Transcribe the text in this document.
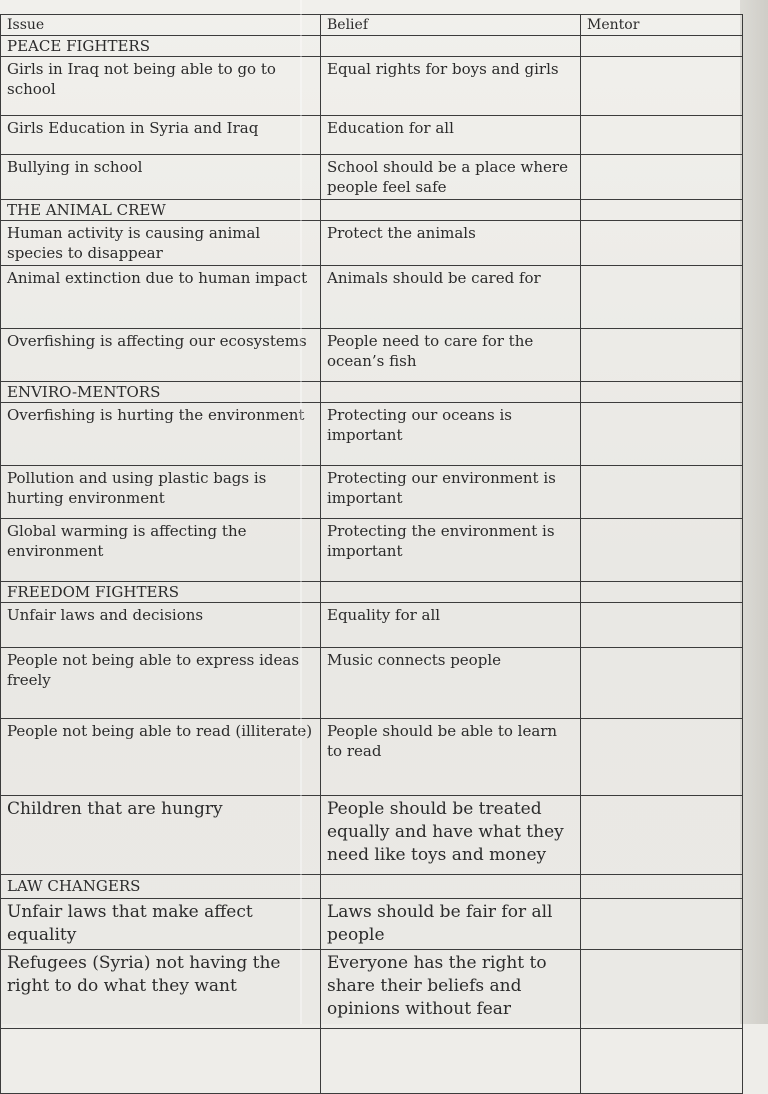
Issue	Belief	Mentor
PEACE FIGHTERS		
Girls in Iraq not being able to go to school	Equal rights for boys and girls	
Girls Education in Syria and Iraq	Education for all	
Bullying in school	School should be a place where people feel safe	
THE ANIMAL CREW		
Human activity is causing animal species to disappear	Protect the animals	
Animal extinction due to human impact	Animals should be cared for	
Overfishing is affecting our ecosystems	People need to care for the ocean’s fish	
ENVIRO-MENTORS		
Overfishing is hurting the environment	Protecting our oceans is important	
Pollution and using plastic bags is hurting environment	Protecting our environment is important	
Global warming is affecting the environment	Protecting the environment is important	
FREEDOM FIGHTERS		
Unfair laws and decisions	Equality for all	
People not being able to express ideas freely	Music connects people	
People not being able to read (illiterate)	People should be able to learn to read	
Children that are hungry	People should be treated equally and have what they need like toys and money	
LAW CHANGERS		
Unfair laws that make affect equality	Laws should be fair for all people	
Refugees (Syria) not having the right to do what they want	Everyone has the right to share their beliefs and opinions without fear	
